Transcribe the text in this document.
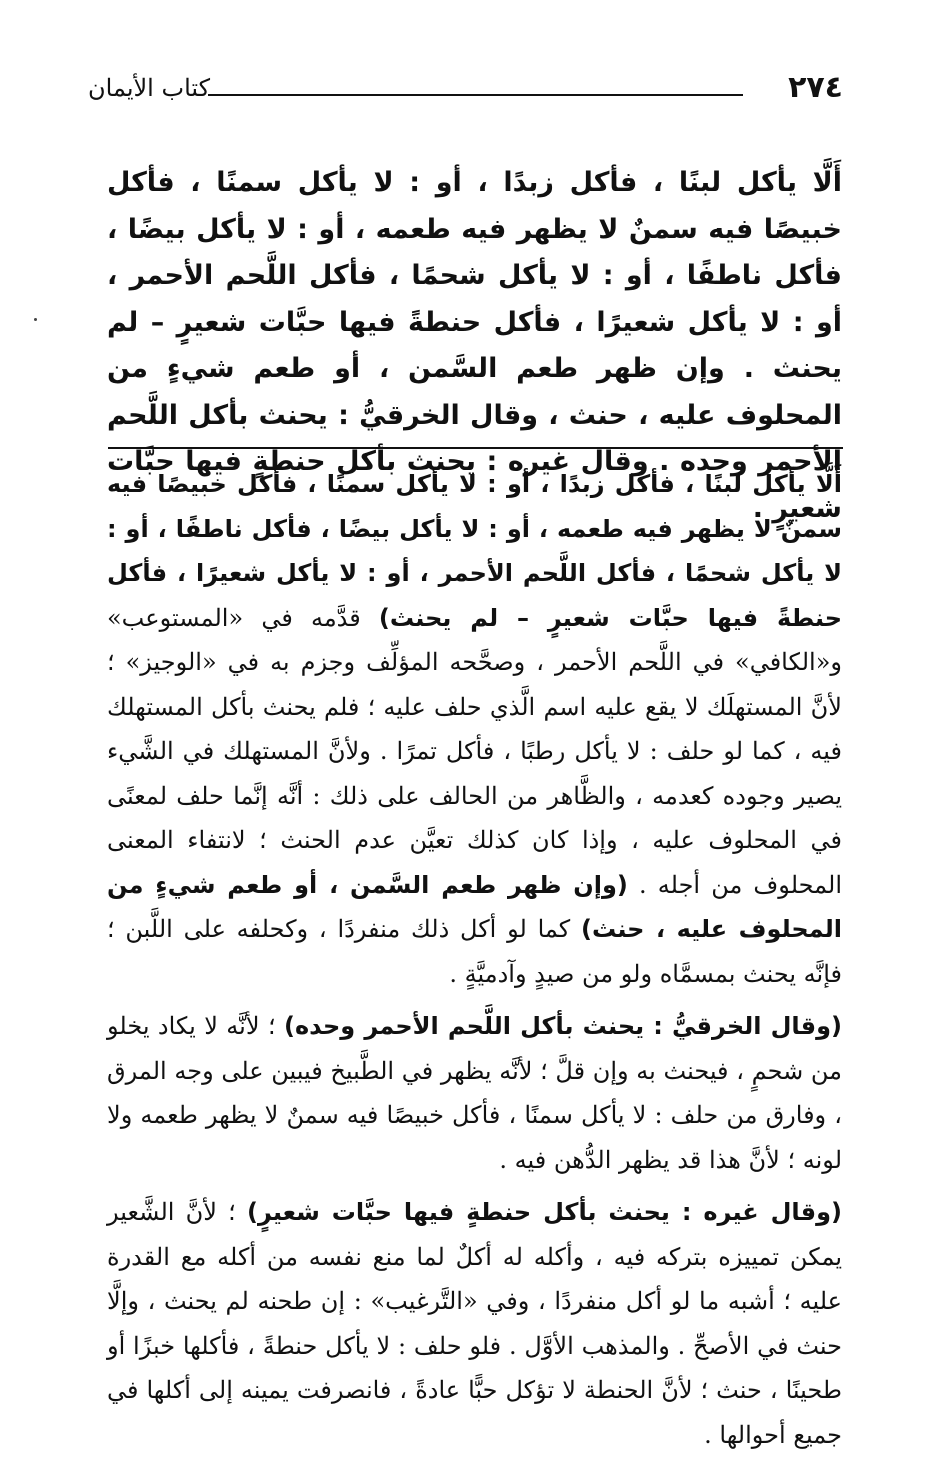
٢٧٤
كتاب الأيمان
أَلَّا يأكل لبنًا ، فأكل زبدًا ، أو : لا يأكل سمنًا ، فأكل خبيصًا فيه سمنٌ لا يظهر فيه طعمه ، أو : لا يأكل بيضًا ، فأكل ناطفًا ، أو : لا يأكل شحمًا ، فأكل اللَّحم الأحمر ، أو : لا يأكل شعيرًا ، فأكل حنطةً فيها حبَّات شعيرٍ – لم يحنث . وإن ظهر طعم السَّمن ، أو طعم شيءٍ من المحلوف عليه ، حنث ، وقال الخرقيُّ : يحنث بأكل اللَّحم الأحمر وحده . وقال غيره : يحنث بأكل حنطةٍ فيها حبَّات شعيرٍ .

أَلَّا يأكل لبنًا ، فأكل زبدًا ، أو : لا يأكل سمنًا ، فأكل خبيصًا فيه سمنٌ لا يظهر فيه طعمه ، أو : لا يأكل بيضًا ، فأكل ناطفًا ، أو : لا يأكل شحمًا ، فأكل اللَّحم الأحمر ، أو : لا يأكل شعيرًا ، فأكل حنطةً فيها حبَّات شعيرٍ – لم يحنث) قدَّمه في «المستوعب» و«الكافي» في اللَّحم الأحمر ، وصحَّحه المؤلِّف وجزم به في «الوجيز» ؛ لأنَّ المستهلَك لا يقع عليه اسم الَّذي حلف عليه ؛ فلم يحنث بأكل المستهلك فيه ، كما لو حلف : لا يأكل رطبًا ، فأكل تمرًا . ولأنَّ المستهلك في الشَّيء يصير وجوده كعدمه ، والظَّاهر من الحالف على ذلك : أنَّه إنَّما حلف لمعنًى في المحلوف عليه ، وإذا كان كذلك تعيَّن عدم الحنث ؛ لانتفاء المعنى المحلوف من أجله . (وإن ظهر طعم السَّمن ، أو طعم شيءٍ من المحلوف عليه ، حنث) كما لو أكل ذلك منفردًا ، وكحلفه على اللَّبن ؛ فإنَّه يحنث بمسمَّاه ولو من صيدٍ وآدميَّةٍ .

(وقال الخرقيُّ : يحنث بأكل اللَّحم الأحمر وحده) ؛ لأنَّه لا يكاد يخلو من شحمٍ ، فيحنث به وإن قلَّ ؛ لأنَّه يظهر في الطَّبيخ فيبين على وجه المرق ، وفارق من حلف : لا يأكل سمنًا ، فأكل خبيصًا فيه سمنٌ لا يظهر طعمه ولا لونه ؛ لأنَّ هذا قد يظهر الدُّهن فيه .

(وقال غيره : يحنث بأكل حنطةٍ فيها حبَّات شعيرٍ) ؛ لأنَّ الشَّعير يمكن تمييزه بتركه فيه ، وأكله له أكلٌ لما منع نفسه من أكله مع القدرة عليه ؛ أشبه ما لو أكل منفردًا ، وفي «التَّرغيب» : إن طحنه لم يحنث ، وإلَّا حنث في الأصحِّ . والمذهب الأوَّل . فلو حلف : لا يأكل حنطةً ، فأكلها خبزًا أو طحينًا ، حنث ؛ لأنَّ الحنطة لا تؤكل حبًّا عادةً ، فانصرفت يمينه إلى أكلها في جميع أحوالها .
